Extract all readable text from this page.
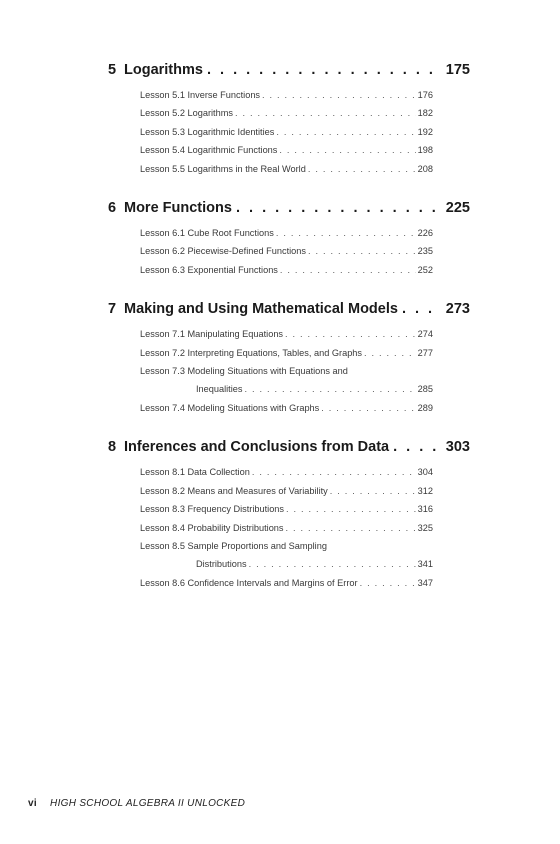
5 Logarithms . . .	175
Lesson 5.1 Inverse Functions . . .	176
Lesson 5.2 Logarithms . . .	182
Lesson 5.3 Logarithmic Identities . . .	192
Lesson 5.4 Logarithmic Functions . . .	198
Lesson 5.5 Logarithms in the Real World . . .	208
6 More Functions . . .	225
Lesson 6.1 Cube Root Functions . . .	226
Lesson 6.2 Piecewise-Defined Functions . . .	235
Lesson 6.3 Exponential Functions . . .	252
7 Making and Using Mathematical Models . . .	273
Lesson 7.1 Manipulating Equations . . .	274
Lesson 7.2 Interpreting Equations, Tables, and Graphs . . .	277
Lesson 7.3 Modeling Situations with Equations and
Inequalities . . .	285
Lesson 7.4 Modeling Situations with Graphs . . .	289
8 Inferences and Conclusions from Data . . .	303
Lesson 8.1 Data Collection . . .	304
Lesson 8.2 Means and Measures of Variability . . .	312
Lesson 8.3 Frequency Distributions . . .	316
Lesson 8.4 Probability Distributions . . .	325
Lesson 8.5 Sample Proportions and Sampling
Distributions . . .	341
Lesson 8.6 Confidence Intervals and Margins of Error . . .	347
vi HIGH SCHOOL ALGEBRA II UNLOCKED
